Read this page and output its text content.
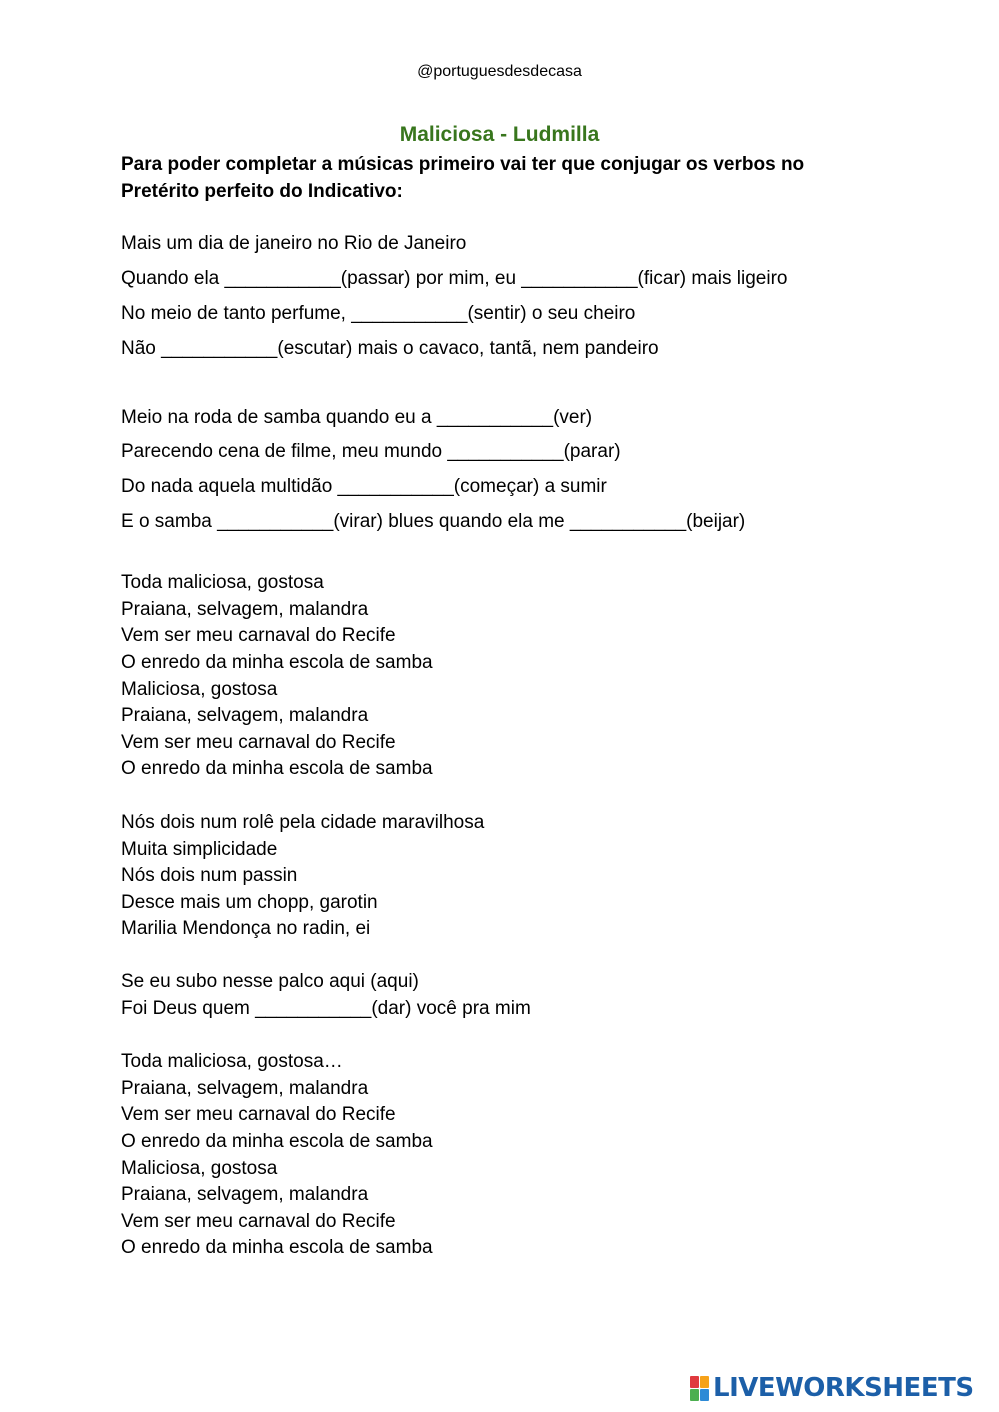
@portuguesdesdecasa
Maliciosa - Ludmilla
Para poder completar a músicas primeiro vai ter que conjugar os verbos no Pretérito perfeito do Indicativo:
Mais um dia de janeiro no Rio de Janeiro
Quando ela ___________(passar) por mim, eu ___________(ficar) mais ligeiro
No meio de tanto perfume, ___________(sentir) o seu cheiro
Não ___________(escutar) mais o cavaco, tantã, nem pandeiro
Meio na roda de samba quando eu a ___________(ver)
Parecendo cena de filme, meu mundo ___________(parar)
Do nada aquela multidão ___________(começar) a sumir
E o samba ___________(virar) blues quando ela me ___________(beijar)
Toda maliciosa, gostosa
Praiana, selvagem, malandra
Vem ser meu carnaval do Recife
O enredo da minha escola de samba
Maliciosa, gostosa
Praiana, selvagem, malandra
Vem ser meu carnaval do Recife
O enredo da minha escola de samba
Nós dois num rolê pela cidade maravilhosa
Muita simplicidade
Nós dois num passin
Desce mais um chopp, garotin
Marilia Mendonça no radin, ei
Se eu subo nesse palco aqui (aqui)
Foi Deus quem ___________(dar) você pra mim
Toda maliciosa, gostosa…
Praiana, selvagem, malandra
Vem ser meu carnaval do Recife
O enredo da minha escola de samba
Maliciosa, gostosa
Praiana, selvagem, malandra
Vem ser meu carnaval do Recife
O enredo da minha escola de samba
LIVEWORKSHEETS
